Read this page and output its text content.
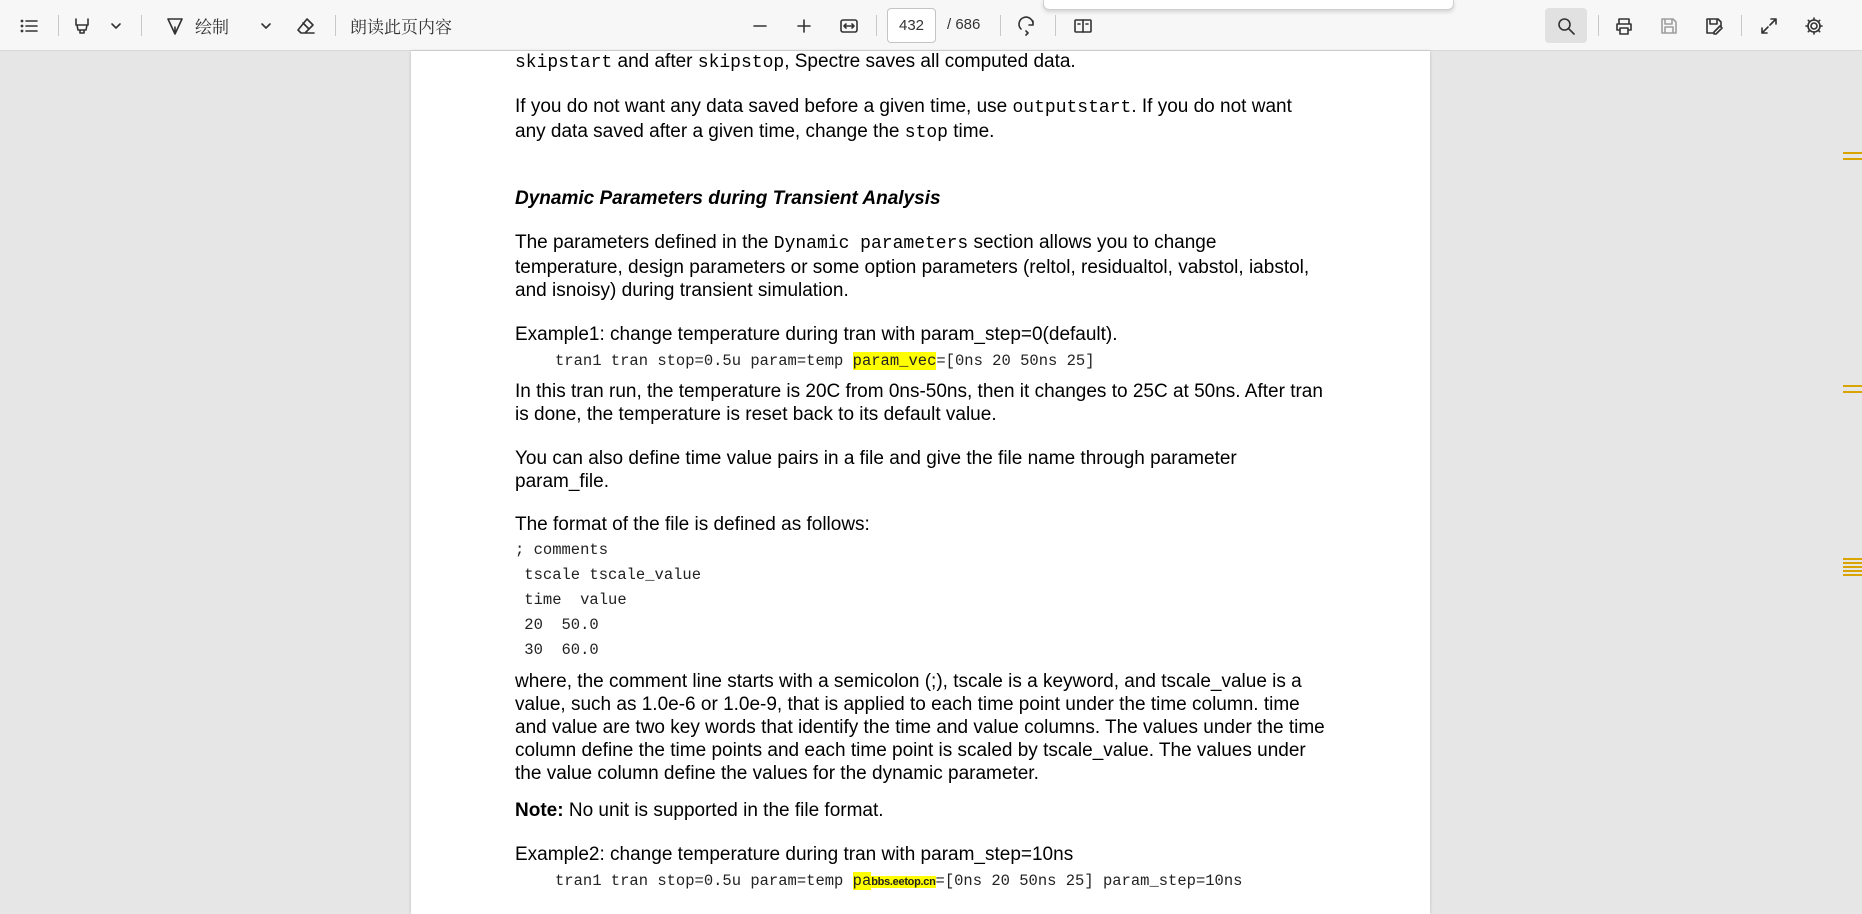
绘制	朗读此页内容
432	/ 686

skipstart and after skipstop, Spectre saves all computed data.

If you do not want any data saved before a given time, use outputstart. If you do not want any data saved after a given time, change the stop time.

Dynamic Parameters during Transient Analysis

The parameters defined in the Dynamic parameters section allows you to change temperature, design parameters or some option parameters (reltol, residualtol, vabstol, iabstol, and isnoisy) during transient simulation.

Example1: change temperature during tran with param_step=0(default).

tran1 tran stop=0.5u param=temp param_vec=[0ns 20 50ns 25]

In this tran run, the temperature is 20C from 0ns-50ns, then it changes to 25C at 50ns. After tran is done, the temperature is reset back to its default value.

You can also define time value pairs in a file and give the file name through parameter param_file.

The format of the file is defined as follows:

; comments
tscale tscale_value
time  value
20  50.0
30  60.0

where, the comment line starts with a semicolon (;), tscale is a keyword, and tscale_value is a value, such as 1.0e-6 or 1.0e-9, that is applied to each time point under the time column. time and value are two key words that identify the time and value columns. The values under the time column define the time points and each time point is scaled by tscale_value. The values under the value column define the values for the dynamic parameter.

Note: No unit is supported in the file format.

Example2: change temperature during tran with param_step=10ns

tran1 tran stop=0.5u param=temp pabbs.eetop.cn=[0ns 20 50ns 25] param_step=10ns
